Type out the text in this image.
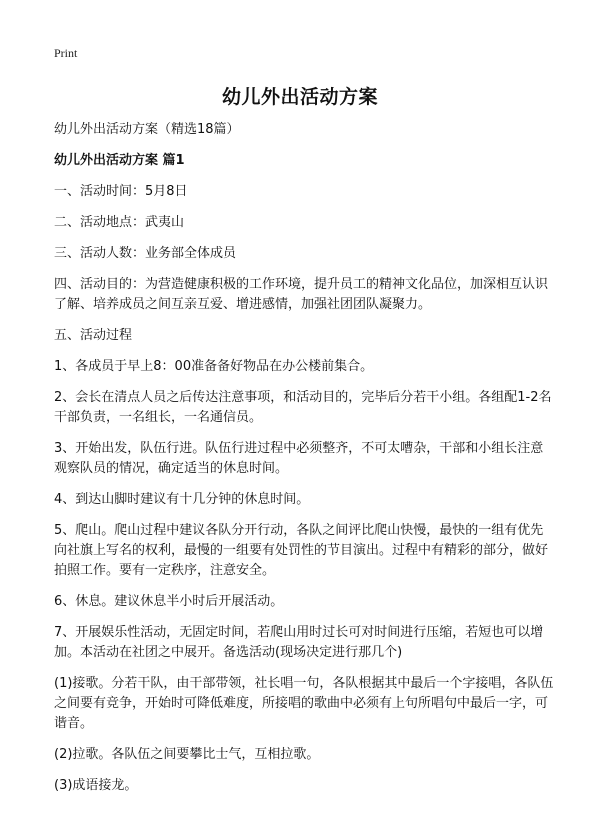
Print
幼儿外出活动方案

幼儿外出活动方案（精选18篇）

幼儿外出活动方案 篇1

一、活动时间：5月8日

二、活动地点：武夷山

三、活动人数：业务部全体成员

四、活动目的：为营造健康积极的工作环境，提升员工的精神文化品位，加深相互认识了解、培养成员之间互亲互爱、增进感情，加强社团团队凝聚力。

五、活动过程

1、各成员于早上8：00准备备好物品在办公楼前集合。

2、会长在清点人员之后传达注意事项，和活动目的，完毕后分若干小组。各组配1-2名干部负责，一名组长，一名通信员。

3、开始出发，队伍行进。队伍行进过程中必须整齐，不可太嘈杂，干部和小组长注意观察队员的情况，确定适当的休息时间。

4、到达山脚时建议有十几分钟的休息时间。

5、爬山。爬山过程中建议各队分开行动，各队之间评比爬山快慢，最快的一组有优先向社旗上写名的权利，最慢的一组要有处罚性的节目演出。过程中有精彩的部分，做好拍照工作。要有一定秩序，注意安全。

6、休息。建议休息半小时后开展活动。

7、开展娱乐性活动，无固定时间，若爬山用时过长可对时间进行压缩，若短也可以增加。本活动在社团之中展开。备选活动(现场决定进行那几个)

(1)接歌。分若干队，由干部带领，社长唱一句，各队根据其中最后一个字接唱，各队伍之间要有竞争，开始时可降低难度，所接唱的歌曲中必须有上句所唱句中最后一字，可谐音。

(2)拉歌。各队伍之间要攀比士气，互相拉歌。

(3)成语接龙。
